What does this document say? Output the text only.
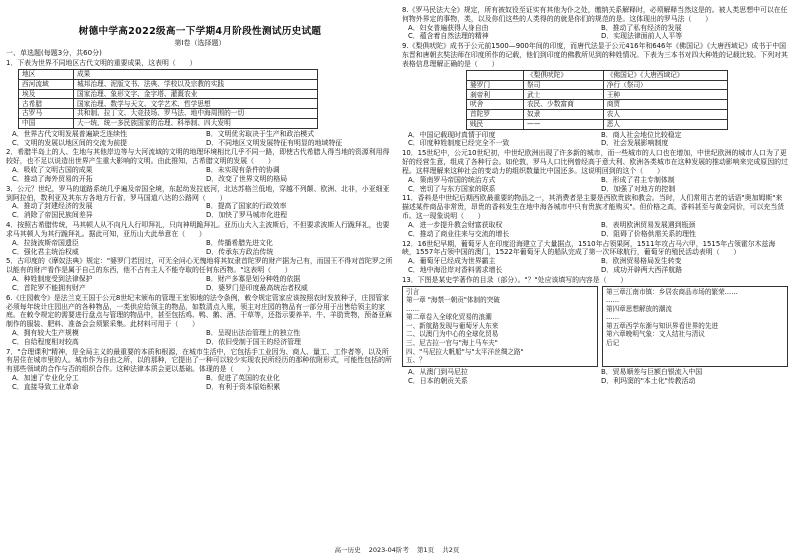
树德中学高2022级高一下学期4月阶段性测试历史试题
第I卷（选择题）
一、单选题(每题3分，共60分)
1．下表为世界不同地区古代文明的重要成果，这表明（　　）
地区	成果
西河流域	城邦治理、泥版文书、法典、学校以及宗教的实践
埃及	国家治理、象形文字、金字塔、灌溉农业
古希腊	国家治理、数学与天文、文学艺术、哲学思想
古罗马	共和制、拉丁文、大竞技场、罗马法、地中海周围的一切
中国	大一统、统一多民族国家的治理、科举制、四大发明
A．世界古代文明发展普遍缺乏连续性	B．文明优劣取决于生产和政治模式
C．文明的发展以地区间的交流为前提	D．不同地区文明发展特征有明显的地域特征
2．希腊半岛上的人、生地与其他岸边等与大河流域的文明的地理环境相比几乎不同一路，即使古代希腊人得当地的资源利用得较好，也不足以说造出世界产生重大影响的文明。由此推知，古希腊文明的发展（　　）
A．吸收了文明古国的成果	B．未实现有条件的协调
C．推动了海外贸易的开拓	D．改变了世界文明的格局
3．公元？世纪，罗马的道路系统几乎遍及帝国全境，东起幼发拉底河，北达苏格兰低地，穿越不列颠、欧洲、北非，小亚细亚到阿拉伯，数利亚及其东方各地方行省，罗马国道八达的公路网（　　）
A．推动了封建经济的发展	B．提高了国家的行政效率
C．消除了帝国民族间差异	D．加快了罗马城市化进程
4．按照古希腊传统，马其顿人从不向凡人行叩拜礼，只向神明跪拜礼。亚历山大入主波斯后，不但要求波斯人行跪拜礼，也要求马其顿人为其行跪拜礼。据此可知，亚历山大此举意在（　　）
A．拉拢波斯帝国遗臣	B．传播希腊先进文化
C．强化君主统治权威	D．传承东方政治传统
5．古印度的《摩奴法典》规定："婆罗门若因过，可无全问心无愧地将其奴隶首陀罗的财产据为己有，而国王不得对首陀罗之所以能有的财产看作是属于自己的东西，他不占有主人不能夺取的任何东西物。"这表明（　　）
A．种姓制度受到法律保护	B．财产多寡是划分种姓的依据
C．首陀罗不能拥有财产	D．婆罗门是印度最高统治者权威
6.《庄园敕令》是法兰克王国于公元8世纪末颁布的管理王室领地的法令条例，敕令规定管家应该按照农时发放种子，庄园管家必须每年统计庄园出产的各种物品，一类供应给领主的物品，如数清点入账，领主对庄园的物品有一部分用于出售给领主的家庭。在敕令规定的需要进行盘点与管理的物品中，甚至包括鸡、鸭、鹅、酒、干草等，还指示要养羊、牛、羊肋贵物，预备亚麻制作的服装、肥料、准备会会须繁采集。此材料可用于（　　）
A．拥有较大生产规模	B．呈现出法治管理上的独立性
C．自给程度相对较高	D．依旧受制于国王的经济管理
7．"合理课利"精神，是全局主义的最重要的本质和根源，在城市生活中，它包括手工业因为、商人、量工、工作者等，以及所有居住在城市里的人。城市作为自由之所，以的那种，它提出了一种可以较少实现农民所经历的那种依附形式，可能性包括的所有那些领域的合作与否的组织合作。这种法律本质会更以基础。体现的是（　　）
A．加速了专业化分工	B．促进了英国的农业化
C．直接导致工业革命	D．有利于资本原始积累
8.《罗马民法大全》规定，所有被奴役至证实有其他为仆之处，缴纳关系解释时，必须解释当然这是的。被人类思想中可以在任何物外界定的事物，类，以及你们这些的人类得的的就是你们的规范的是。这体现出的罗马法（　　）
A．妇女普遍获得人身自由	B．推动了私有经济的发展
C．蕴含着自然法理的精神	D．实现法律面前人人平等
9.《梨俱吠陀》成书于公元前1500—900年间的印度，而唐代法显于公元416年和646年《佛国记》《大唐西域记》成书于中国东晋和唐朝玄奘法师在印度所作的记载，他们到印度的佛教所见到的种姓情况。下表为三本书对四大种姓的记载比较。下列对其表格信息理解正确的是（　　）
	《梨俱吠陀》	《佛国记》《大唐西域记》
婆罗门	祭司	净行（祭司）
刹帝利	武士	王种
吠舍	农民、少数富商	商贾
首陀罗	奴隶	农人
贱民	——	恶人
A．中国记载现时真情于印度	B．商人社会地位比较稳定
C．印度种姓制度已经完全不一致	D．社会发展影响制度
10．15世纪中，公元10世纪初，中世纪欧洲出现了许多新的城市，而一些城市的人口也在增加，中世纪欧洲的城市人口为了更好的经营生意，组成了各种行会。如伦敦，罗马人口比例曾经高于意大利、欧洲各类城市在这种发展的推动影响来完成原因的过程。这样理解来这种社会的变动力的组织数量比中国还多。这说明回到的这个（　　）
A．策南罗马帝国的统治方式	B．形成了君主专制体制
C．密切了与东方国家的联系	D．加强了对地方的控制
11．香料是中世纪后期西欧最重要的物品之一，其消费者是主要是西欧贵族和教会。当时，人们常用古老的话语"奥加姆斯"来描述某件商品非常贵，昂贵的香料发生在地中海各城市中只有贵族才能购买"。但价格之高，香料甚至与黄金同价，可以充当货币。这一现象说明（　　）
A．进一步提升教会财富获取权	B．表明欧洲贸易发展遇到瓶颈
C．推动了商业往来与交流的增长	D．阻碍了价格供需关系的理性
12．16世纪早期，葡萄牙人在印度沿海建立了大量据点，1510年占领果阿，1511年攻占马六甲，1515年占领霍尔木兹海峡，1557年占领中国的澳门，1522年葡萄牙人的船队完成了第一次环球航行，葡萄牙的殖民活动表明（　　）
A．葡萄牙已经成为世界霸主	B．欧洲贸易格局发生转变
C．地中海沿岸对香料需求增长	D．成功开辟两大西洋航路
13．下图是某史学著作的目录（部分）。"？"处应该填写的内容是（　　）
引言
第一章 "海禁一朝贡"体制的突破
……
第二章卷入全球化贸易的浪潮
一、新航路发现与葡萄牙人东来
二、以澳门为中心的全球化贸易
三、尼古拉一官与"海上马车夫"
四、"马尼拉大帆船"与"太平洋丝绸之路"
五、？
第三章江南市镇：乡居农商品市场的繁荣……
……
第四章思想解放的潮流
……
第五章西学东渐与知识界看世界的先进
第六章晚明气象：文人结社与清议
后记
A．从澳门到马尼拉	B．贸易顺差与巨额白银流入中国
C．日本的朝贡关系	D．利玛窦的"本土化"传教活动
高一历史 2023-04阶考 第1页 共2页
